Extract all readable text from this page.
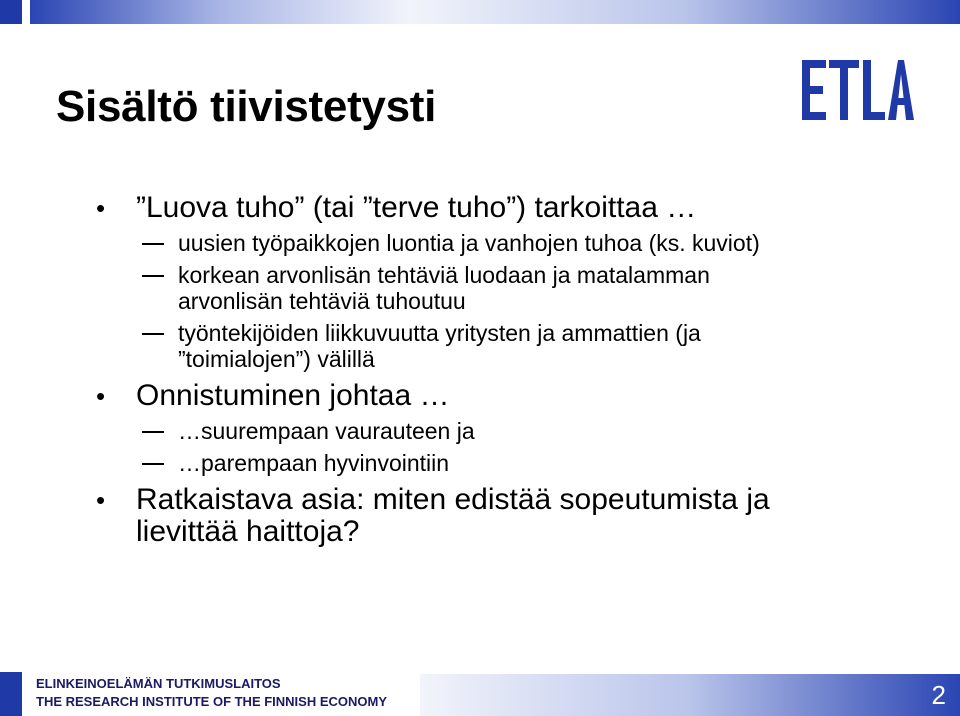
Sisältö tiivistetysti
• ”Luova tuho” (tai ”terve tuho”) tarkoittaa …
uusien työpaikkojen luontia ja vanhojen tuhoa (ks. kuviot)
korkean arvonlisän tehtäviä luodaan ja matalamman arvonlisän tehtäviä tuhoutuu
työntekijöiden liikkuvuutta yritysten ja ammattien (ja ”toimialojen”) välillä
• Onnistuminen johtaa …
…suurempaan vaurauteen ja
…parempaan hyvinvointiin
• Ratkaistava asia: miten edistää sopeutumista ja lievittää haittoja?
ELINKEINOELÄMÄN TUTKIMUSLAITOS
THE RESEARCH INSTITUTE OF THE FINNISH ECONOMY	2
